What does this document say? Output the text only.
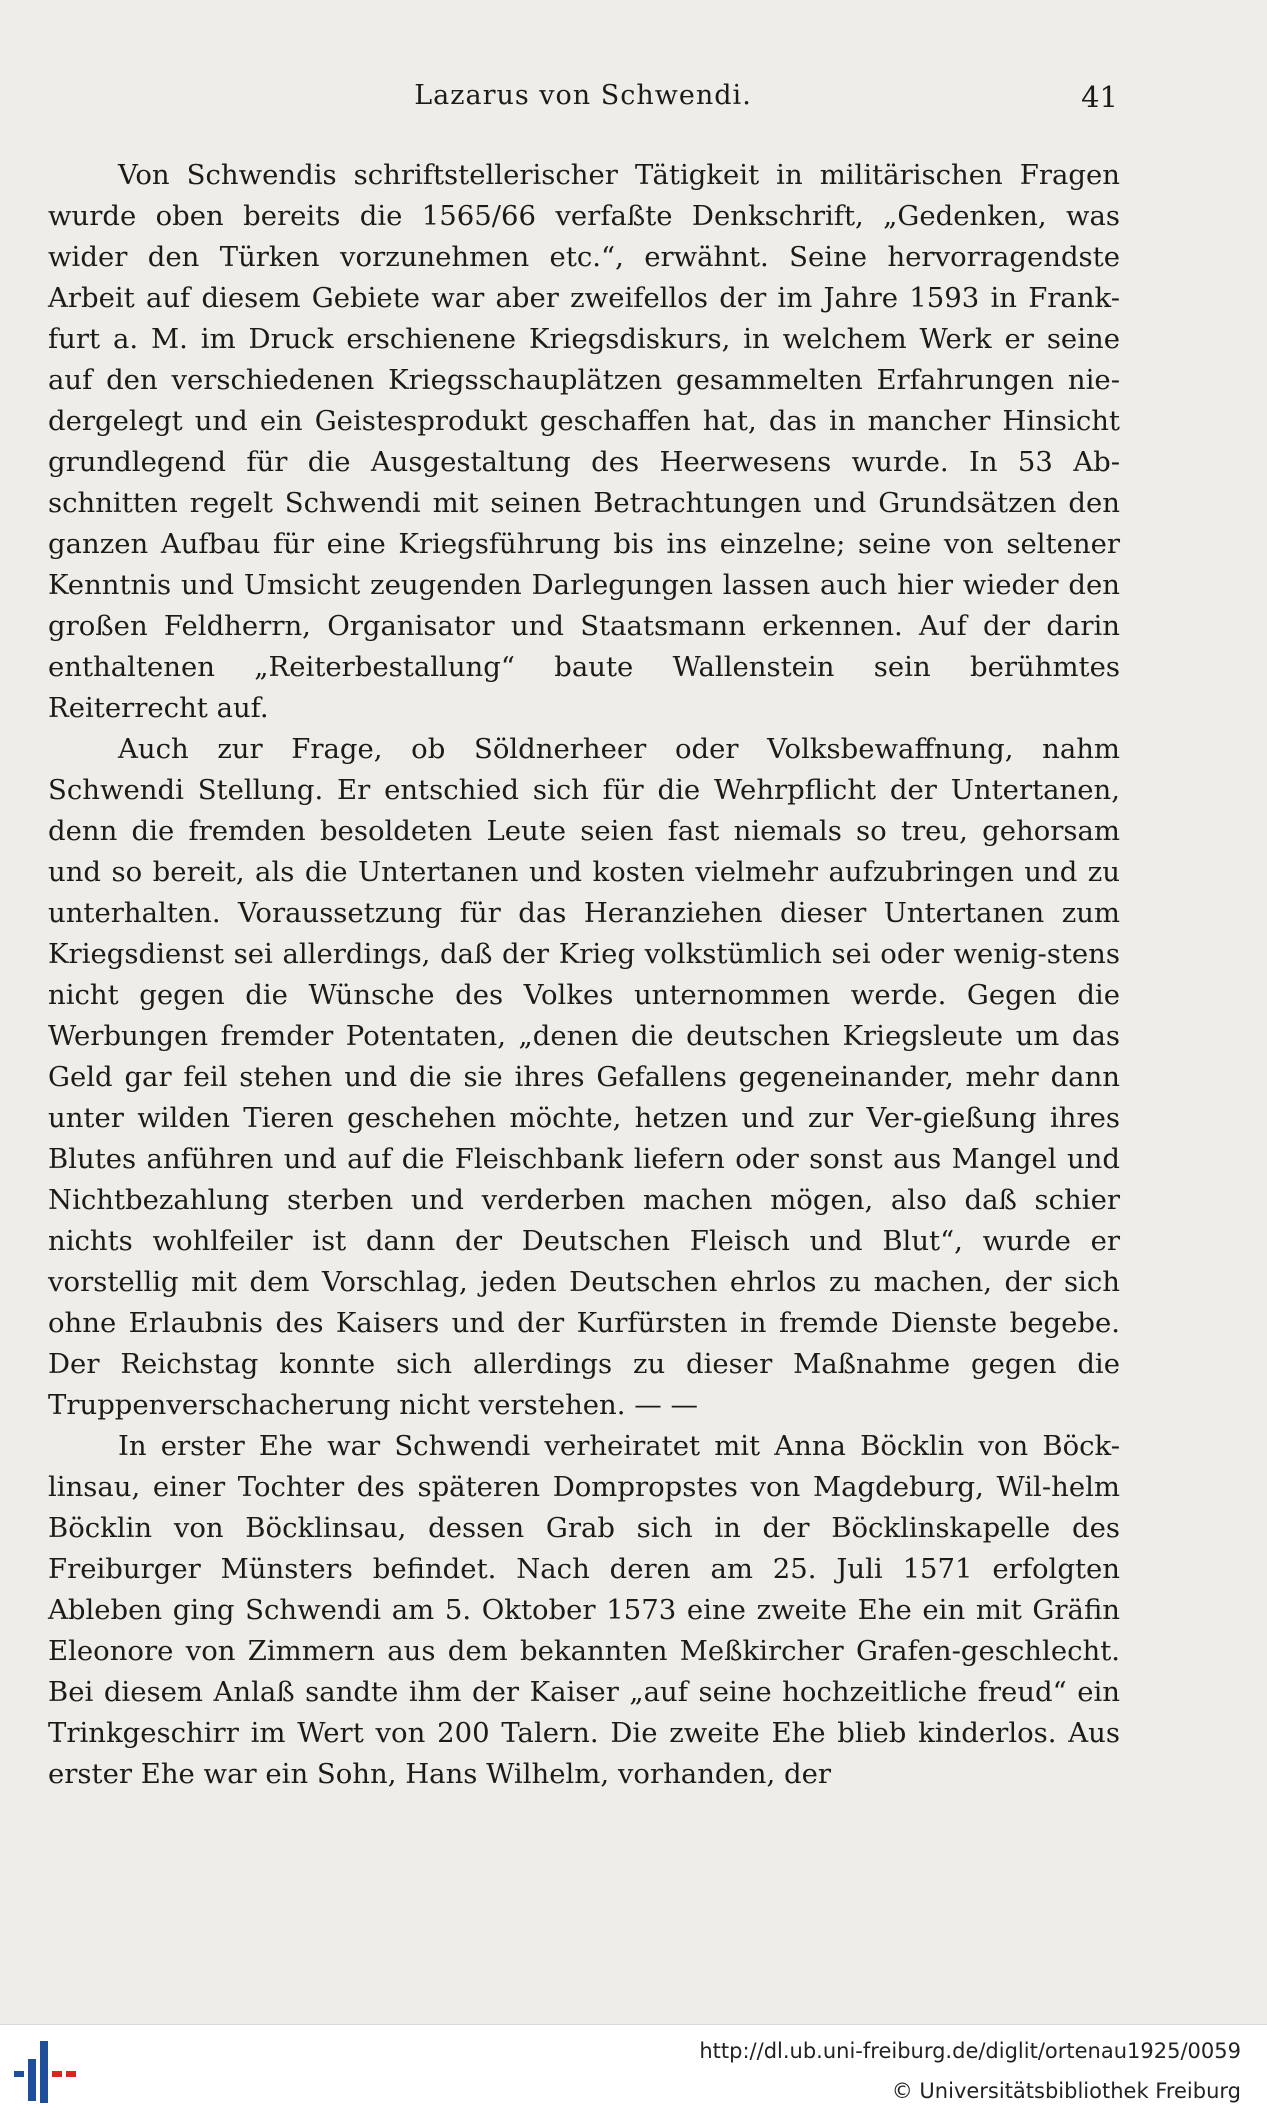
Lazarus von Schwendi.	41

Von Schwendis schriftstellerischer Tätigkeit in militärischen Fragen wurde oben bereits die 1565/66 verfaßte Denkschrift, „Gedenken, was wider den Türken vorzunehmen etc.“, erwähnt. Seine hervorragendste Arbeit auf diesem Gebiete war aber zweifellos der im Jahre 1593 in Frank-furt a. M. im Druck erschienene Kriegsdiskurs, in welchem Werk er seine auf den verschiedenen Kriegsschauplätzen gesammelten Erfahrungen nie-dergelegt und ein Geistesprodukt geschaffen hat, das in mancher Hinsicht grundlegend für die Ausgestaltung des Heerwesens wurde. In 53 Ab-schnitten regelt Schwendi mit seinen Betrachtungen und Grundsätzen den ganzen Aufbau für eine Kriegsführung bis ins einzelne; seine von seltener Kenntnis und Umsicht zeugenden Darlegungen lassen auch hier wieder den großen Feldherrn, Organisator und Staatsmann erkennen. Auf der darin enthaltenen „Reiterbestallung“ baute Wallenstein sein berühmtes Reiterrecht auf.

Auch zur Frage, ob Söldnerheer oder Volksbewaffnung, nahm Schwendi Stellung. Er entschied sich für die Wehrpflicht der Untertanen, denn die fremden besoldeten Leute seien fast niemals so treu, gehorsam und so bereit, als die Untertanen und kosten vielmehr aufzubringen und zu unterhalten. Voraussetzung für das Heranziehen dieser Untertanen zum Kriegsdienst sei allerdings, daß der Krieg volkstümlich sei oder wenig-stens nicht gegen die Wünsche des Volkes unternommen werde. Gegen die Werbungen fremder Potentaten, „denen die deutschen Kriegsleute um das Geld gar feil stehen und die sie ihres Gefallens gegeneinander, mehr dann unter wilden Tieren geschehen möchte, hetzen und zur Ver-gießung ihres Blutes anführen und auf die Fleischbank liefern oder sonst aus Mangel und Nichtbezahlung sterben und verderben machen mögen, also daß schier nichts wohlfeiler ist dann der Deutschen Fleisch und Blut“, wurde er vorstellig mit dem Vorschlag, jeden Deutschen ehrlos zu machen, der sich ohne Erlaubnis des Kaisers und der Kurfürsten in fremde Dienste begebe. Der Reichstag konnte sich allerdings zu dieser Maßnahme gegen die Truppenverschacherung nicht verstehen. — —

In erster Ehe war Schwendi verheiratet mit Anna Böcklin von Böck-linsau, einer Tochter des späteren Dompropstes von Magdeburg, Wil-helm Böcklin von Böcklinsau, dessen Grab sich in der Böcklinskapelle des Freiburger Münsters befindet. Nach deren am 25. Juli 1571 erfolgten Ableben ging Schwendi am 5. Oktober 1573 eine zweite Ehe ein mit Gräfin Eleonore von Zimmern aus dem bekannten Meßkircher Grafen-geschlecht. Bei diesem Anlaß sandte ihm der Kaiser „auf seine hochzeitliche freud“ ein Trinkgeschirr im Wert von 200 Talern. Die zweite Ehe blieb kinderlos. Aus erster Ehe war ein Sohn, Hans Wilhelm, vorhanden, der

http://dl.ub.uni-freiburg.de/diglit/ortenau1925/0059
© Universitätsbibliothek Freiburg
